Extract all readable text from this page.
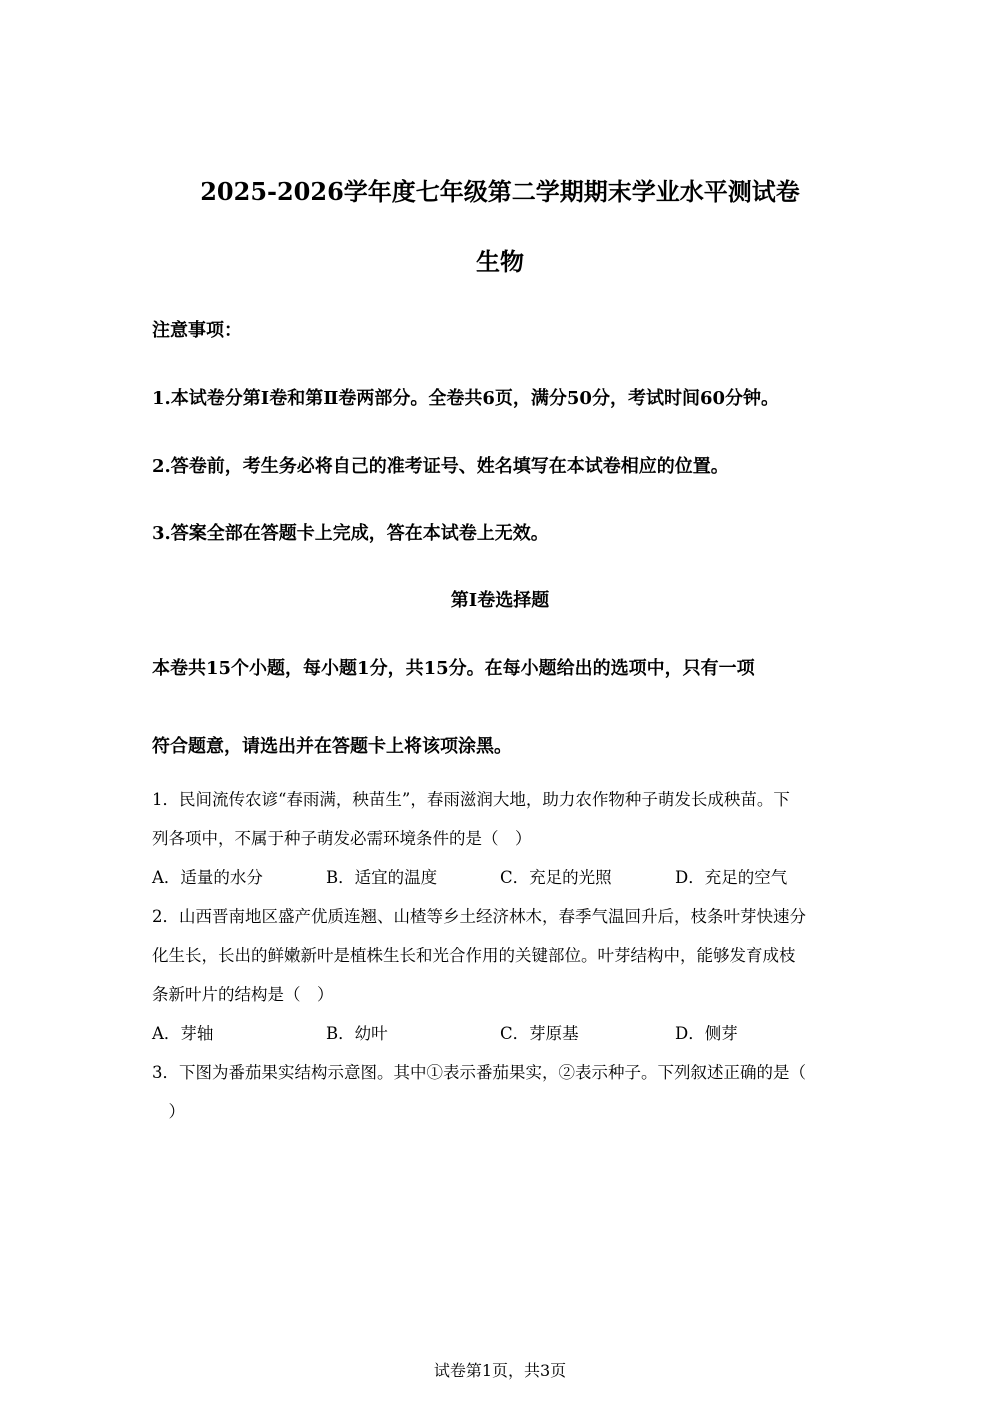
2025-2026学年度七年级第二学期期末学业水平测试卷
生物
注意事项：
1.本试卷分第Ⅰ卷和第Ⅱ卷两部分。全卷共6页，满分50分，考试时间60分钟。
2.答卷前，考生务必将自己的准考证号、姓名填写在本试卷相应的位置。
3.答案全部在答题卡上完成，答在本试卷上无效。
第Ⅰ卷选择题
本卷共15个小题，每小题1分，共15分。在每小题给出的选项中，只有一项
符合题意，请选出并在答题卡上将该项涂黑。
1．民间流传农谚“春雨满，秧苗生”，春雨滋润大地，助力农作物种子萌发长成秧苗。下
列各项中，不属于种子萌发必需环境条件的是（　）
A．适量的水分	B．适宜的温度	C．充足的光照	D．充足的空气
2．山西晋南地区盛产优质连翘、山楂等乡土经济林木，春季气温回升后，枝条叶芽快速分
化生长，长出的鲜嫩新叶是植株生长和光合作用的关键部位。叶芽结构中，能够发育成枝
条新叶片的结构是（　）
A．芽轴	B．幼叶	C．芽原基	D．侧芽
3．下图为番茄果实结构示意图。其中①表示番茄果实，②表示种子。下列叙述正确的是（
　）
试卷第1页，共3页
